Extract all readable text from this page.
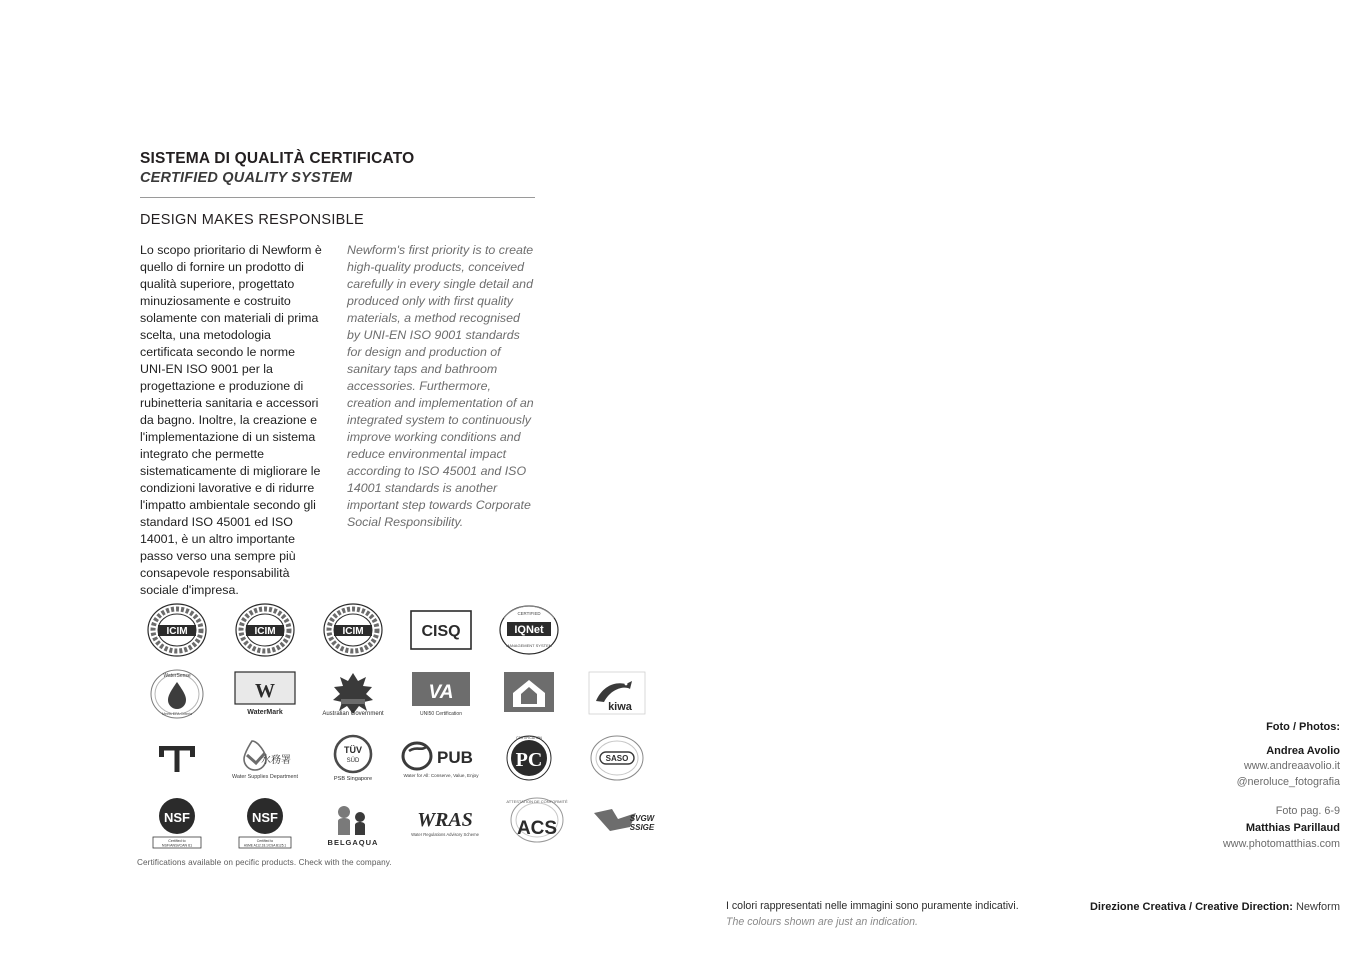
SISTEMA DI QUALITÀ CERTIFICATO
CERTIFIED QUALITY SYSTEM
DESIGN MAKES RESPONSIBLE
Lo scopo prioritario di Newform è quello di fornire un prodotto di qualità superiore, progettato minuziosamente e costruito solamente con materiali di prima scelta, una metodologia certificata secondo le norme UNI-EN ISO 9001 per la progettazione e produzione di rubinetteria sanitaria e accessori da bagno. Inoltre, la creazione e l'implementazione di un sistema integrato che permette sistematicamente di migliorare le condizioni lavorative e di ridurre l'impatto ambientale secondo gli standard ISO 45001 ed ISO 14001, è un altro importante passo verso una sempre più consapevole responsabilità sociale d'impresa.
Newform's first priority is to create high-quality products, conceived carefully in every single detail and produced only with first quality materials, a method recognised by UNI-EN ISO 9001 standards for design and production of sanitary taps and bathroom accessories. Furthermore, creation and implementation of an integrated system to continuously improve working conditions and reduce environmental impact according to ISO 45001 and ISO 14001 standards is another important step towards Corporate Social Responsibility.
ICIM	ICIM	ICIM	CISQ
CERTIFIED
IQNet
MANAGEMENT SYSTEM
WaterSense
Meets EPA Criteria
W
WaterMark	Australian Government
VA
UNI50 Certification
kiwa
水務署
Water Supplies Department
TÜV
SÜD
PSB Singapore
PUB
Water for All: Conserve, Value, Enjoy
PC
CERTIFICATION
SASO
NSF
Certified to
NSF/ANSI/CAN 61
NSF
Certified to
ASME A112.18.1/CSA B125.1	BELGAQUA
WRAS
Water Regulations Advisory Scheme
ATTESTATION DE CONFORMITÉ
ACS	SVGW
SSIGE
Certifications available on pecific products. Check with the company.
I colori rappresentati nelle immagini sono puramente indicativi.
The colours shown are just an indication.
Foto / Photos:
Andrea Avolio
www.andreaavolio.it
@neroluce_fotografia
Foto pag. 6-9
Matthias Parillaud
www.photomatthias.com
Direzione Creativa / Creative Direction: Newform
